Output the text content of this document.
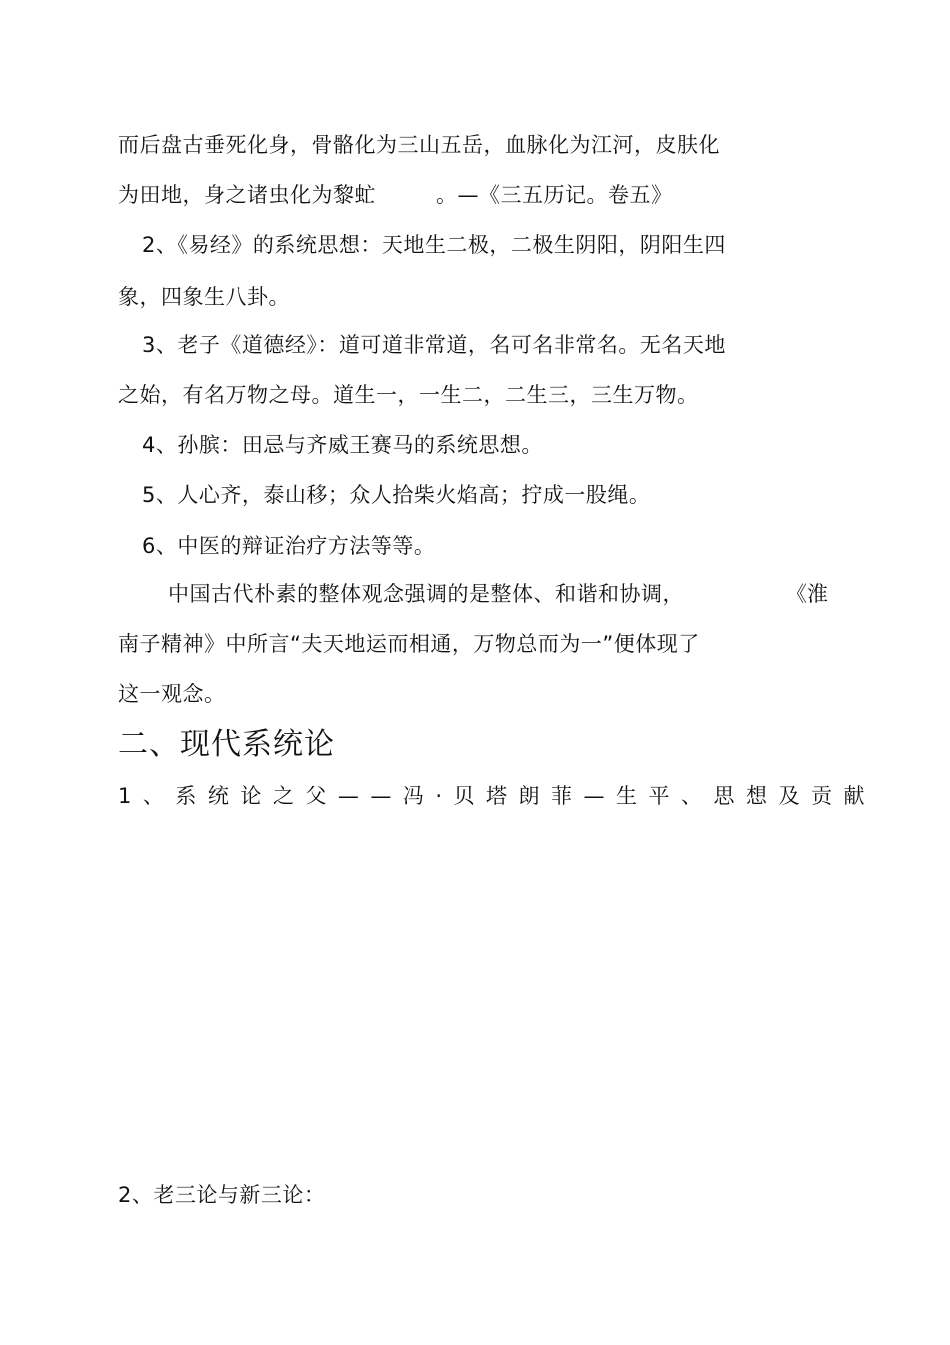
而后盘古垂死化身，骨骼化为三山五岳，血脉化为江河，皮肤化
为田地，身之诸虫化为黎虻	。—《三五历记。卷五》
2、《易经》的系统思想：天地生二极，二极生阴阳，阴阳生四
象，四象生八卦。
3、老子《道德经》：道可道非常道，名可名非常名。无名天地
之始，有名万物之母。道生一，一生二，二生三，三生万物。
4、孙膑：田忌与齐威王赛马的系统思想。
5、人心齐，泰山移；众人拾柴火焰高；拧成一股绳。
6、中医的辩证治疗方法等等。
中国古代朴素的整体观念强调的是整体、和谐和协调，	《淮
南子精神》中所言“夫天地运而相通，万物总而为一”便体现了
这一观念。
二、现代系统论
1、系统论之父——冯·贝塔朗菲—生平、思想及贡献
2、老三论与新三论：
